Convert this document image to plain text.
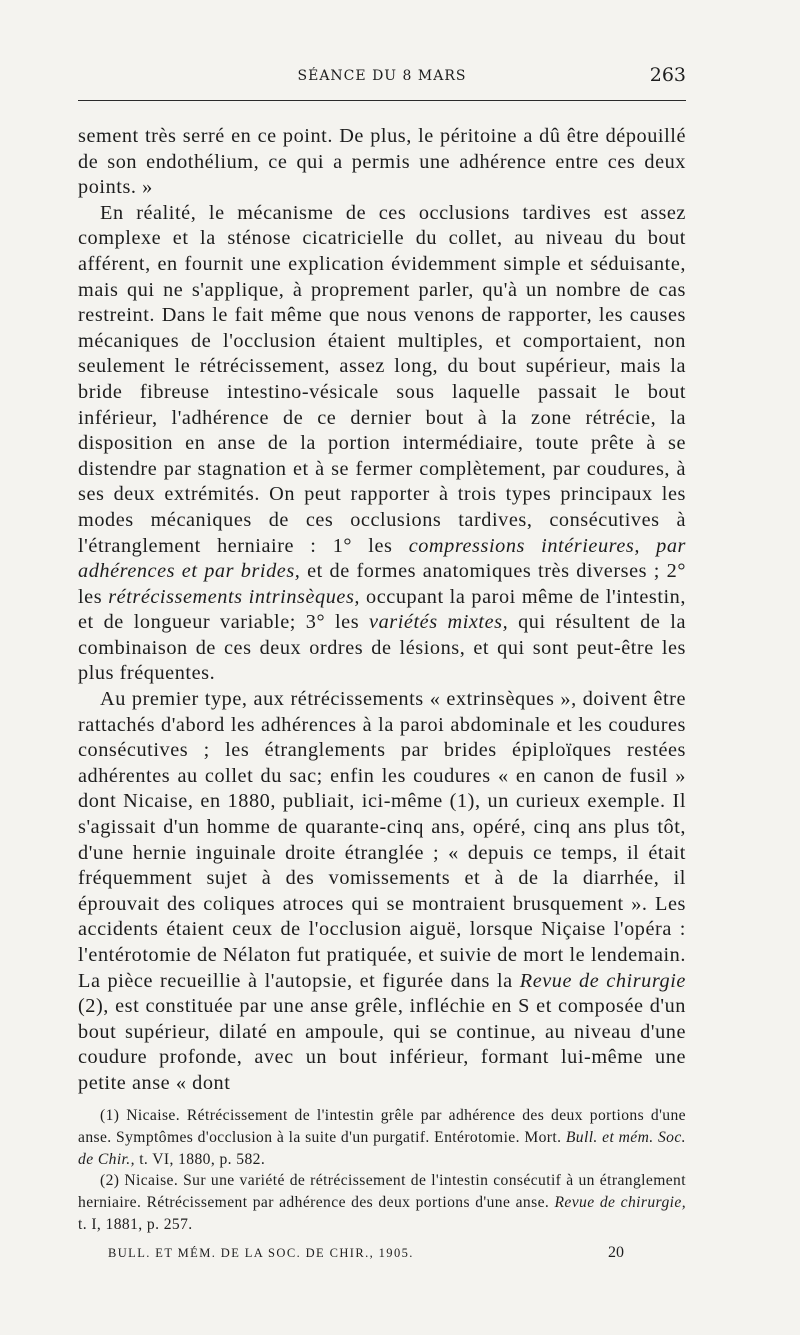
SÉANCE DU 8 MARS	263

sement très serré en ce point. De plus, le péritoine a dû être dépouillé de son endothélium, ce qui a permis une adhérence entre ces deux points. »

En réalité, le mécanisme de ces occlusions tardives est assez complexe et la sténose cicatricielle du collet, au niveau du bout afférent, en fournit une explication évidemment simple et séduisante, mais qui ne s'applique, à proprement parler, qu'à un nombre de cas restreint. Dans le fait même que nous venons de rapporter, les causes mécaniques de l'occlusion étaient multiples, et comportaient, non seulement le rétrécissement, assez long, du bout supérieur, mais la bride fibreuse intestino-vésicale sous laquelle passait le bout inférieur, l'adhérence de ce dernier bout à la zone rétrécie, la disposition en anse de la portion intermédiaire, toute prête à se distendre par stagnation et à se fermer complètement, par coudures, à ses deux extrémités. On peut rapporter à trois types principaux les modes mécaniques de ces occlusions tardives, consécutives à l'étranglement herniaire : 1° les compressions intérieures, par adhérences et par brides, et de formes anatomiques très diverses ; 2° les rétrécissements intrinsèques, occupant la paroi même de l'intestin, et de longueur variable; 3° les variétés mixtes, qui résultent de la combinaison de ces deux ordres de lésions, et qui sont peut-être les plus fréquentes.

Au premier type, aux rétrécissements « extrinsèques », doivent être rattachés d'abord les adhérences à la paroi abdominale et les coudures consécutives ; les étranglements par brides épiploïques restées adhérentes au collet du sac; enfin les coudures « en canon de fusil » dont Nicaise, en 1880, publiait, ici-même (1), un curieux exemple. Il s'agissait d'un homme de quarante-cinq ans, opéré, cinq ans plus tôt, d'une hernie inguinale droite étranglée ; « depuis ce temps, il était fréquemment sujet à des vomissements et à de la diarrhée, il éprouvait des coliques atroces qui se montraient brusquement ». Les accidents étaient ceux de l'occlusion aiguë, lorsque Niçaise l'opéra : l'entérotomie de Nélaton fut pratiquée, et suivie de mort le lendemain. La pièce recueillie à l'autopsie, et figurée dans la Revue de chirurgie (2), est constituée par une anse grêle, infléchie en S et composée d'un bout supérieur, dilaté en ampoule, qui se continue, au niveau d'une coudure profonde, avec un bout inférieur, formant lui-même une petite anse « dont

(1) Nicaise. Rétrécissement de l'intestin grêle par adhérence des deux portions d'une anse. Symptômes d'occlusion à la suite d'un purgatif. Entérotomie. Mort. Bull. et mém. Soc. de Chir., t. VI, 1880, p. 582.

(2) Nicaise. Sur une variété de rétrécissement de l'intestin consécutif à un étranglement herniaire. Rétrécissement par adhérence des deux portions d'une anse. Revue de chirurgie, t. I, 1881, p. 257.

BULL. ET MÉM. DE LA SOC. DE CHIR., 1905.	20
